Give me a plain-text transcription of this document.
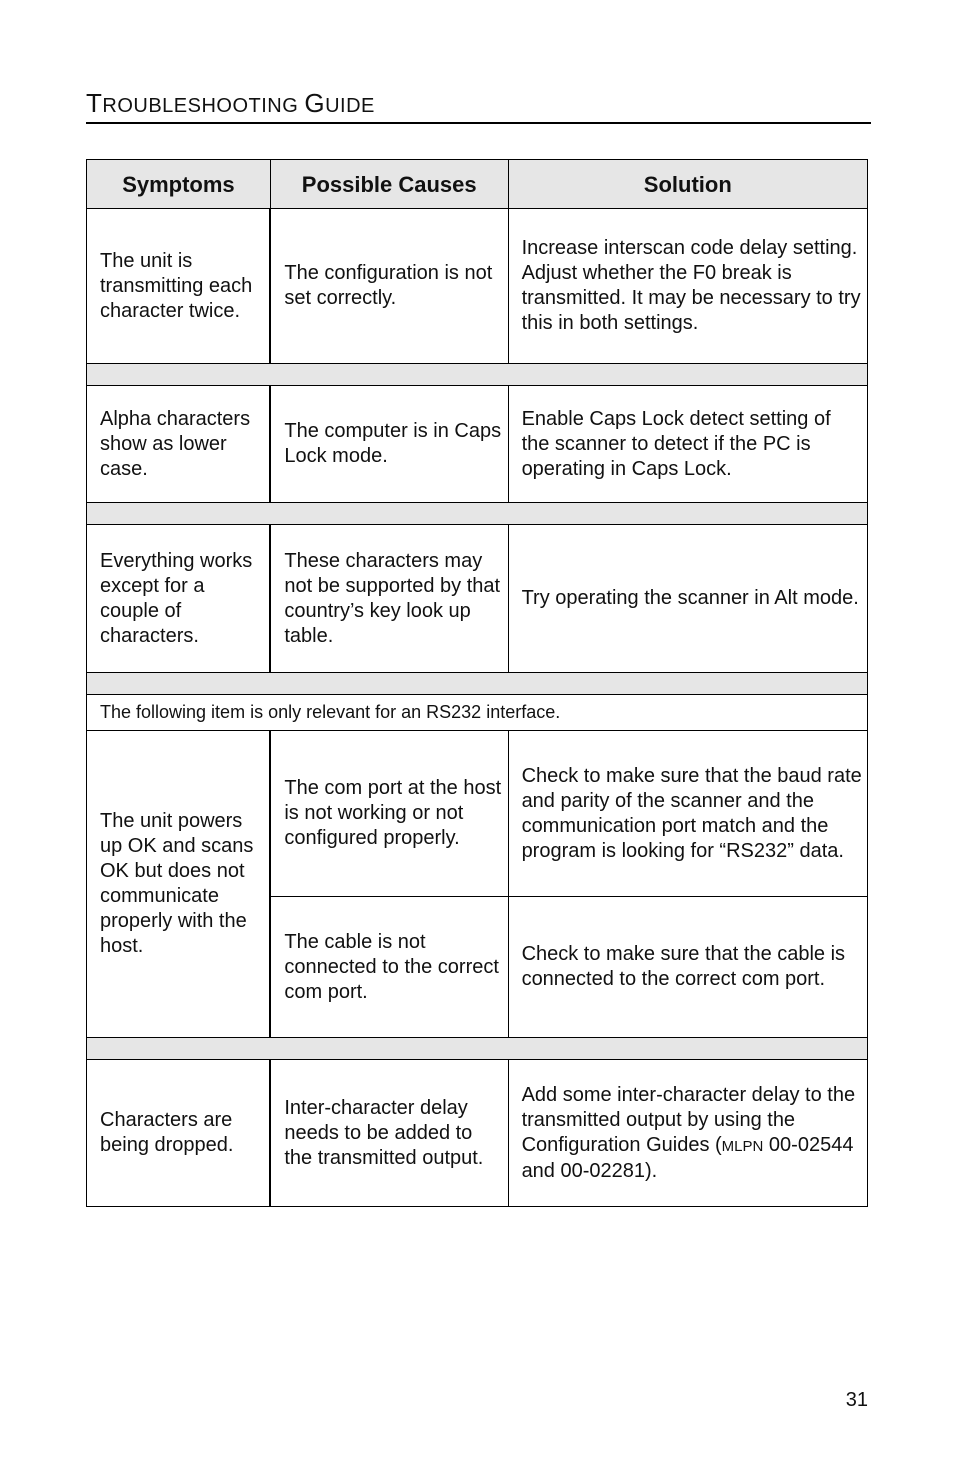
TROUBLESHOOTING GUIDE
Symptoms	Possible Causes	Solution
The unit is transmitting each character twice.	The configuration is not set correctly.	Increase interscan code delay setting. Adjust whether the F0 break is transmitted. It may be necessary to try this in both settings.

Alpha characters show as lower case.	The computer is in Caps Lock mode.	Enable Caps Lock detect setting of the scanner to detect if the PC is operating in Caps Lock.

Everything works except for a couple of characters.	These characters may not be supported by that country’s key look up table.	Try operating the scanner in Alt mode.

The following item is only relevant for an RS232 interface.		
The unit powers up OK and scans OK but does not communicate properly with the host.	The com port at the host is not working or not configured properly.	Check to make sure that the baud rate and parity of the scanner and the communication port match and the program is looking for “RS232” data.
	The cable is not connected to the correct com port.	Check to make sure that the cable is connected to the correct com port.

Characters are being dropped.	Inter-character delay needs to be added to the transmitted output.	Add some inter-character delay to the transmitted output by using the Configuration Guides (MLPN 00-02544 and 00-02281).
31
